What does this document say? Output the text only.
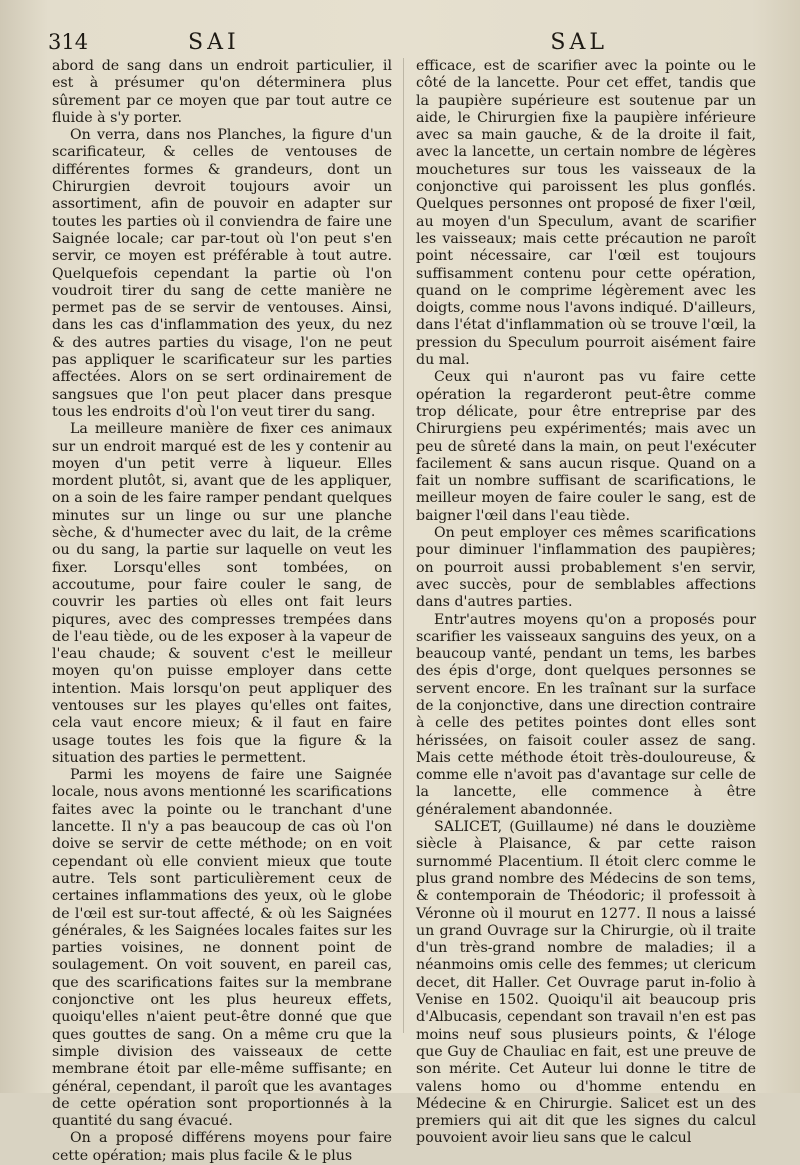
314	SAI	SAL

abord de sang dans un endroit particulier, il est à présumer qu'on déterminera plus sûrement par ce moyen que par tout autre ce fluide à s'y porter.

On verra, dans nos Planches, la figure d'un scarificateur, & celles de ventouses de différentes formes & grandeurs, dont un Chirurgien devroit toujours avoir un assortiment, afin de pouvoir en adapter sur toutes les parties où il conviendra de faire une Saignée locale; car par-tout où l'on peut s'en servir, ce moyen est préférable à tout autre. Quelquefois cependant la partie où l'on voudroit tirer du sang de cette manière ne permet pas de se servir de ventouses. Ainsi, dans les cas d'inflammation des yeux, du nez & des autres parties du visage, l'on ne peut pas appliquer le scarificateur sur les parties affectées. Alors on se sert ordinairement de sangsues que l'on peut placer dans presque tous les endroits d'où l'on veut tirer du sang.

La meilleure manière de fixer ces animaux sur un endroit marqué est de les y contenir au moyen d'un petit verre à liqueur. Elles mordent plutôt, si, avant que de les appliquer, on a soin de les faire ramper pendant quelques minutes sur un linge ou sur une planche sèche, & d'humecter avec du lait, de la crême ou du sang, la partie sur laquelle on veut les fixer. Lorsqu'elles sont tombées, on accoutume, pour faire couler le sang, de couvrir les parties où elles ont fait leurs piqures, avec des compresses trempées dans de l'eau tiède, ou de les exposer à la vapeur de l'eau chaude; & souvent c'est le meilleur moyen qu'on puisse employer dans cette intention. Mais lorsqu'on peut appliquer des ventouses sur les playes qu'elles ont faites, cela vaut encore mieux; & il faut en faire usage toutes les fois que la figure & la situation des parties le permettent.

Parmi les moyens de faire une Saignée locale, nous avons mentionné les scarifications faites avec la pointe ou le tranchant d'une lancette. Il n'y a pas beaucoup de cas où l'on doive se servir de cette méthode; on en voit cependant où elle convient mieux que toute autre. Tels sont particulièrement ceux de certaines inflammations des yeux, où le globe de l'œil est sur-tout affecté, & où les Saignées générales, & les Saignées locales faites sur les parties voisines, ne donnent point de soulagement. On voit souvent, en pareil cas, que des scarifications faites sur la membrane conjonctive ont les plus heureux effets, quoiqu'elles n'aient peut-être donné que que ques gouttes de sang. On a même cru que la simple division des vaisseaux de cette membrane étoit par elle-même suffisante; en général, cependant, il paroît que les avantages de cette opération sont proportionnés à la quantité du sang évacué.

On a proposé différens moyens pour faire cette opération; mais plus facile & le plus

efficace, est de scarifier avec la pointe ou le côté de la lancette. Pour cet effet, tandis que la paupière supérieure est soutenue par un aide, le Chirurgien fixe la paupière inférieure avec sa main gauche, & de la droite il fait, avec la lancette, un certain nombre de légères mouchetures sur tous les vaisseaux de la conjonctive qui paroissent les plus gonflés. Quelques personnes ont proposé de fixer l'œil, au moyen d'un Speculum, avant de scarifier les vaisseaux; mais cette précaution ne paroît point nécessaire, car l'œil est toujours suffisamment contenu pour cette opération, quand on le comprime légèrement avec les doigts, comme nous l'avons indiqué. D'ailleurs, dans l'état d'inflammation où se trouve l'œil, la pression du Speculum pourroit aisément faire du mal.

Ceux qui n'auront pas vu faire cette opération la regarderont peut-être comme trop délicate, pour être entreprise par des Chirurgiens peu expérimentés; mais avec un peu de sûreté dans la main, on peut l'exécuter facilement & sans aucun risque. Quand on a fait un nombre suffisant de scarifications, le meilleur moyen de faire couler le sang, est de baigner l'œil dans l'eau tiède.

On peut employer ces mêmes scarifications pour diminuer l'inflammation des paupières; on pourroit aussi probablement s'en servir, avec succès, pour de semblables affections dans d'autres parties.

Entr'autres moyens qu'on a proposés pour scarifier les vaisseaux sanguins des yeux, on a beaucoup vanté, pendant un tems, les barbes des épis d'orge, dont quelques personnes se servent encore. En les traînant sur la surface de la conjonctive, dans une direction contraire à celle des petites pointes dont elles sont hérissées, on faisoit couler assez de sang. Mais cette méthode étoit très-douloureuse, & comme elle n'avoit pas d'avantage sur celle de la lancette, elle commence à être généralement abandonnée.

SALICET, (Guillaume) né dans le douzième siècle à Plaisance, & par cette raison surnommé Placentium. Il étoit clerc comme le plus grand nombre des Médecins de son tems, & contemporain de Théodoric; il professoit à Véronne où il mourut en 1277. Il nous a laissé un grand Ouvrage sur la Chirurgie, où il traite d'un très-grand nombre de maladies; il a néanmoins omis celle des femmes; ut clericum decet, dit Haller. Cet Ouvrage parut in-folio à Venise en 1502. Quoiqu'il ait beaucoup pris d'Albucasis, cependant son travail n'en est pas moins neuf sous plusieurs points, & l'éloge que Guy de Chauliac en fait, est une preuve de son mérite. Cet Auteur lui donne le titre de valens homo ou d'homme entendu en Médecine & en Chirurgie. Salicet est un des premiers qui ait dit que les signes du calcul pouvoient avoir lieu sans que le calcul
